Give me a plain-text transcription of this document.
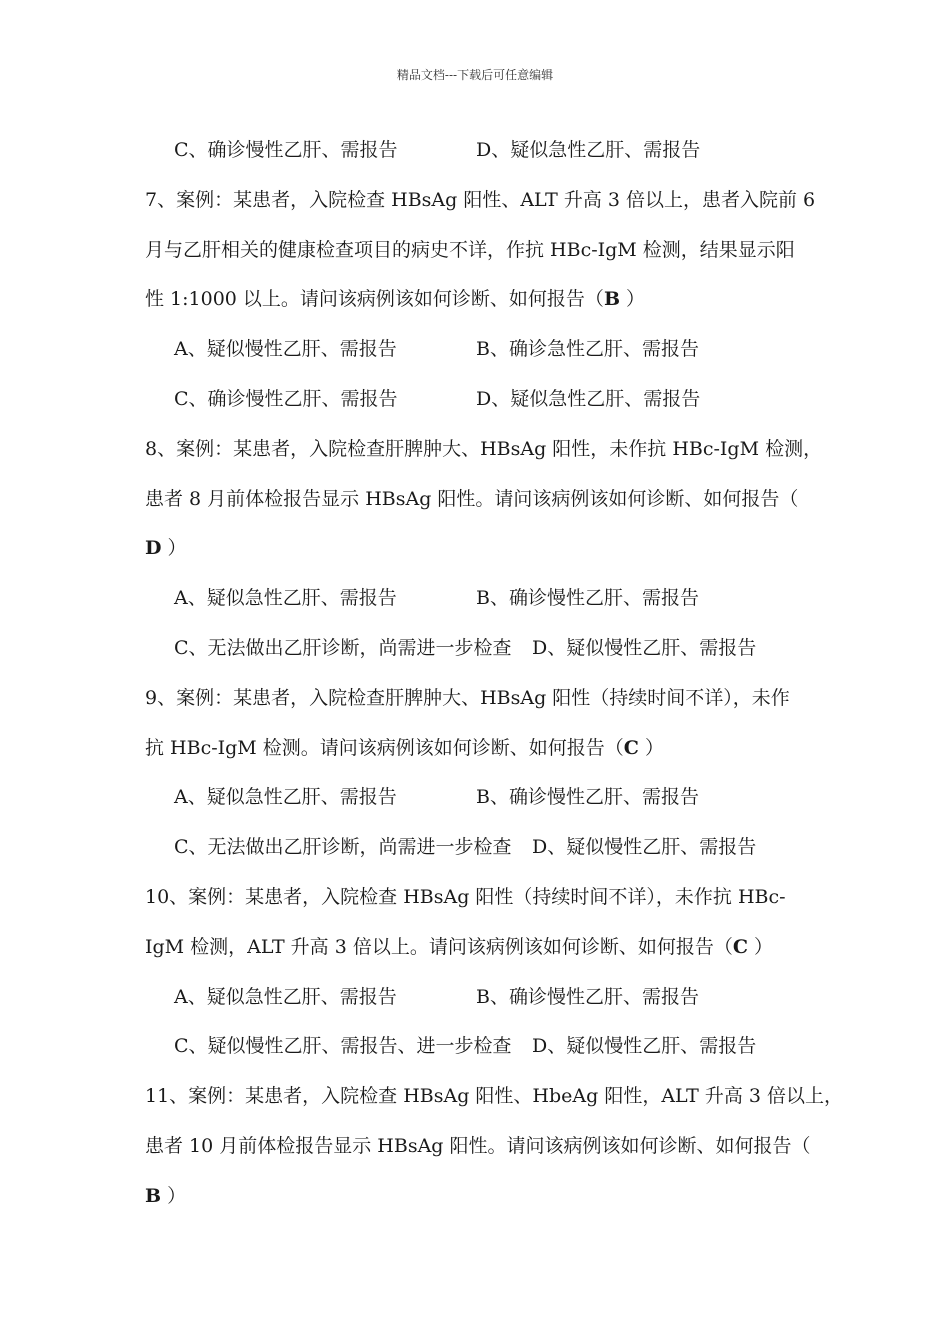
精品文档---下载后可任意编辑
C、确诊慢性乙肝、需报告	D、疑似急性乙肝、需报告
7、案例：某患者，入院检查 HBsAg 阳性、ALT 升高 3 倍以上，患者入院前 6
月与乙肝相关的健康检查项目的病史不详，作抗 HBc-IgM 检测，结果显示阳
性 1:1000 以上。请问该病例该如何诊断、如何报告（B ）
A、疑似慢性乙肝、需报告	B、确诊急性乙肝、需报告
C、确诊慢性乙肝、需报告	D、疑似急性乙肝、需报告
8、案例：某患者，入院检查肝脾肿大、HBsAg 阳性，未作抗 HBc-IgM 检测，
患者 8 月前体检报告显示 HBsAg 阳性。请问该病例该如何诊断、如何报告（
D ）
A、疑似急性乙肝、需报告	B、确诊慢性乙肝、需报告
C、无法做出乙肝诊断，尚需进一步检查 D、疑似慢性乙肝、需报告
9、案例：某患者，入院检查肝脾肿大、HBsAg 阳性（持续时间不详），未作
抗 HBc-IgM 检测。请问该病例该如何诊断、如何报告（C ）
A、疑似急性乙肝、需报告	B、确诊慢性乙肝、需报告
C、无法做出乙肝诊断，尚需进一步检查 D、疑似慢性乙肝、需报告
10、案例：某患者，入院检查 HBsAg 阳性（持续时间不详），未作抗 HBc-
IgM 检测，ALT 升高 3 倍以上。请问该病例该如何诊断、如何报告（C ）
A、疑似急性乙肝、需报告	B、确诊慢性乙肝、需报告
C、疑似慢性乙肝、需报告、进一步检查 D、疑似慢性乙肝、需报告
11、案例：某患者，入院检查 HBsAg 阳性、HbeAg 阳性，ALT 升高 3 倍以上，
患者 10 月前体检报告显示 HBsAg 阳性。请问该病例该如何诊断、如何报告（
B ）
